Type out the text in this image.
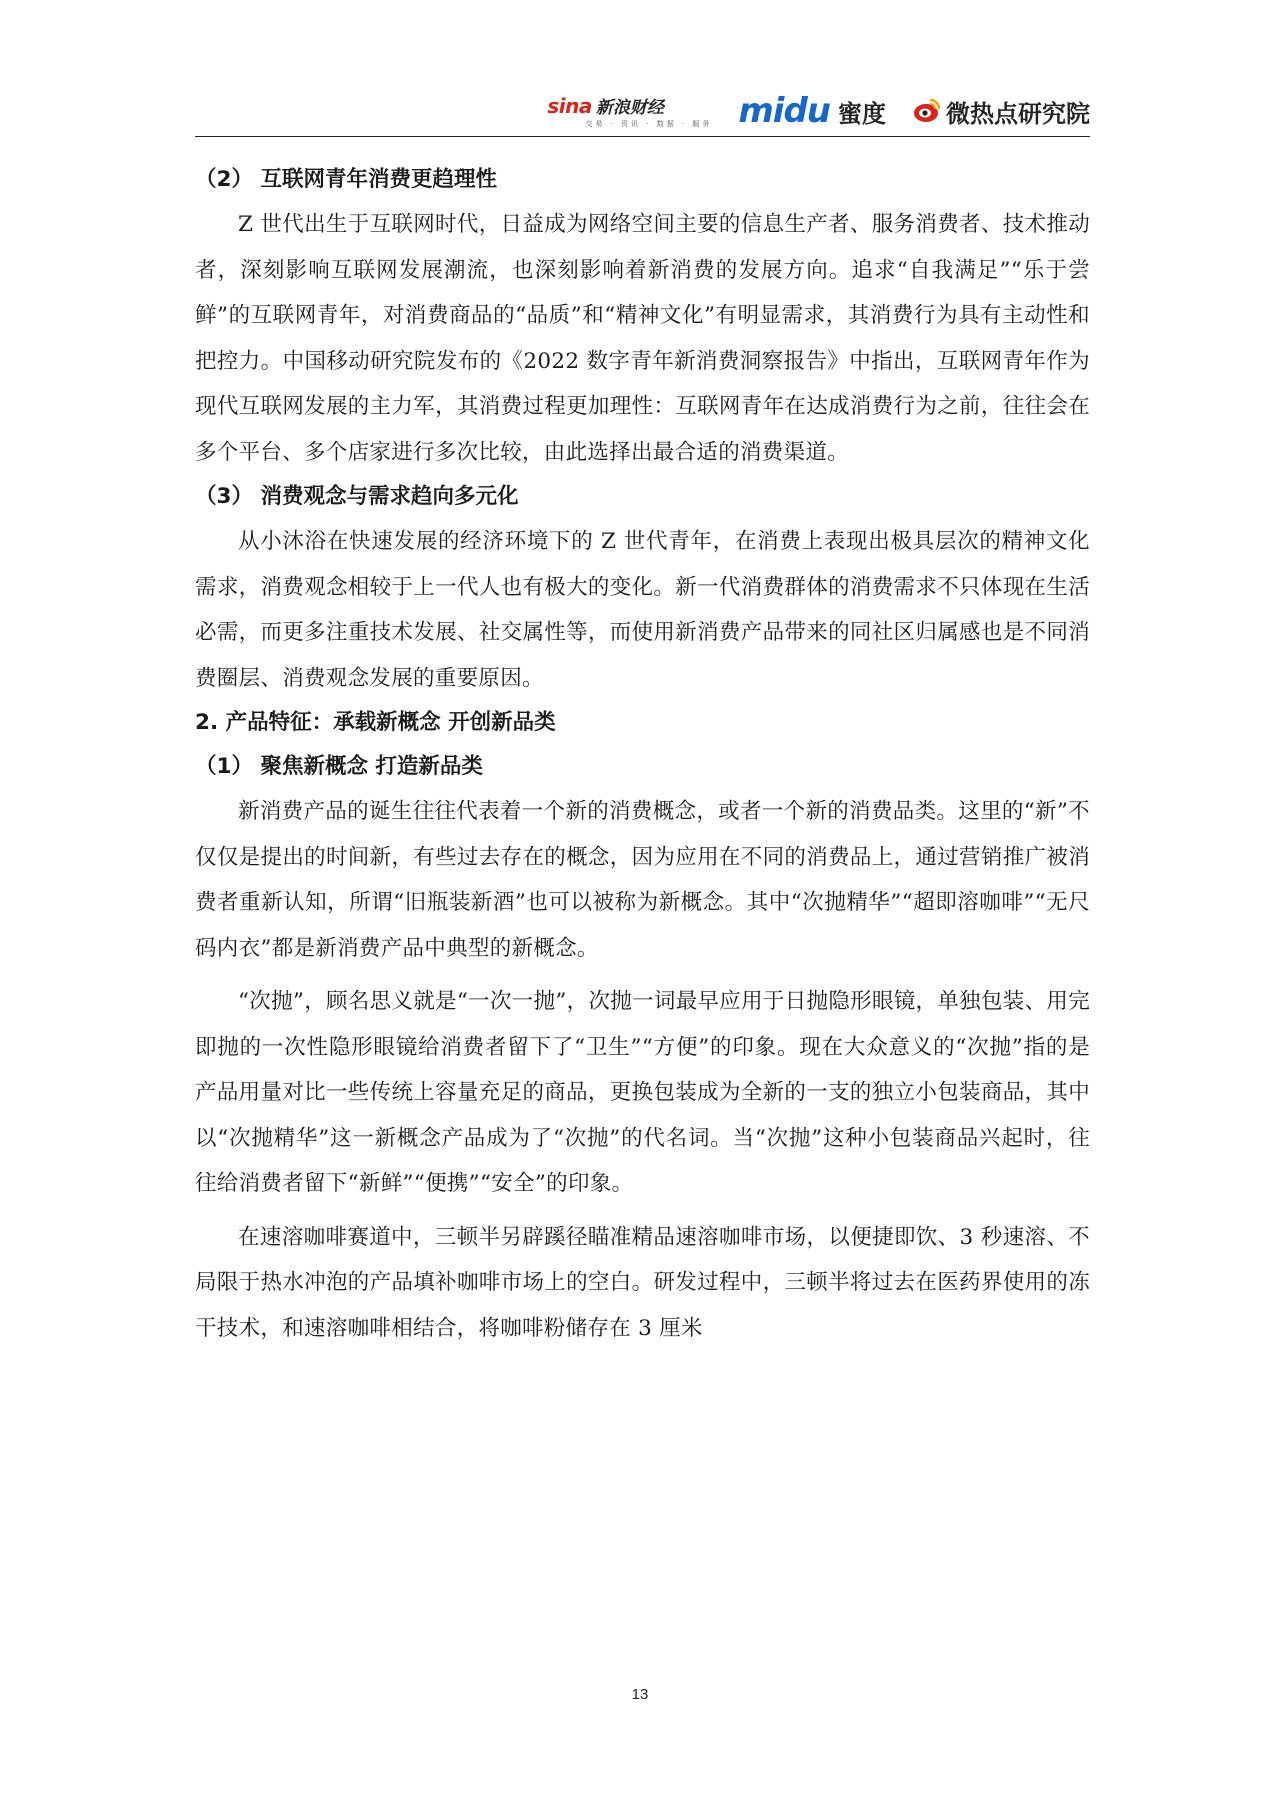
sina 新浪财经
交易 · 资讯 · 数据 · 服务 midu 蜜度	微热点研究院
（2） 互联网青年消费更趋理性

Z 世代出生于互联网时代，日益成为网络空间主要的信息生产者、服务消费者、技术推动者，深刻影响互联网发展潮流，也深刻影响着新消费的发展方向。追求“自我满足”“乐于尝鲜”的互联网青年，对消费商品的“品质”和“精神文化”有明显需求，其消费行为具有主动性和把控力。中国移动研究院发布的《2022 数字青年新消费洞察报告》中指出，互联网青年作为现代互联网发展的主力军，其消费过程更加理性：互联网青年在达成消费行为之前，往往会在多个平台、多个店家进行多次比较，由此选择出最合适的消费渠道。

（3） 消费观念与需求趋向多元化

从小沐浴在快速发展的经济环境下的 Z 世代青年，在消费上表现出极具层次的精神文化需求，消费观念相较于上一代人也有极大的变化。新一代消费群体的消费需求不只体现在生活必需，而更多注重技术发展、社交属性等，而使用新消费产品带来的同社区归属感也是不同消费圈层、消费观念发展的重要原因。

2. 产品特征：承载新概念 开创新品类
（1） 聚焦新概念 打造新品类

新消费产品的诞生往往代表着一个新的消费概念，或者一个新的消费品类。这里的“新”不仅仅是提出的时间新，有些过去存在的概念，因为应用在不同的消费品上，通过营销推广被消费者重新认知，所谓“旧瓶装新酒”也可以被称为新概念。其中“次抛精华”“超即溶咖啡”“无尺码内衣”都是新消费产品中典型的新概念。

“次抛”，顾名思义就是“一次一抛”，次抛一词最早应用于日抛隐形眼镜，单独包装、用完即抛的一次性隐形眼镜给消费者留下了“卫生”“方便”的印象。现在大众意义的“次抛”指的是产品用量对比一些传统上容量充足的商品，更换包装成为全新的一支的独立小包装商品，其中以“次抛精华”这一新概念产品成为了“次抛”的代名词。当“次抛”这种小包装商品兴起时，往往给消费者留下“新鲜”“便携”“安全”的印象。

在速溶咖啡赛道中，三顿半另辟蹊径瞄准精品速溶咖啡市场，以便捷即饮、3 秒速溶、不局限于热水冲泡的产品填补咖啡市场上的空白。研发过程中，三顿半将过去在医药界使用的冻干技术，和速溶咖啡相结合，将咖啡粉储存在 3 厘米

13
